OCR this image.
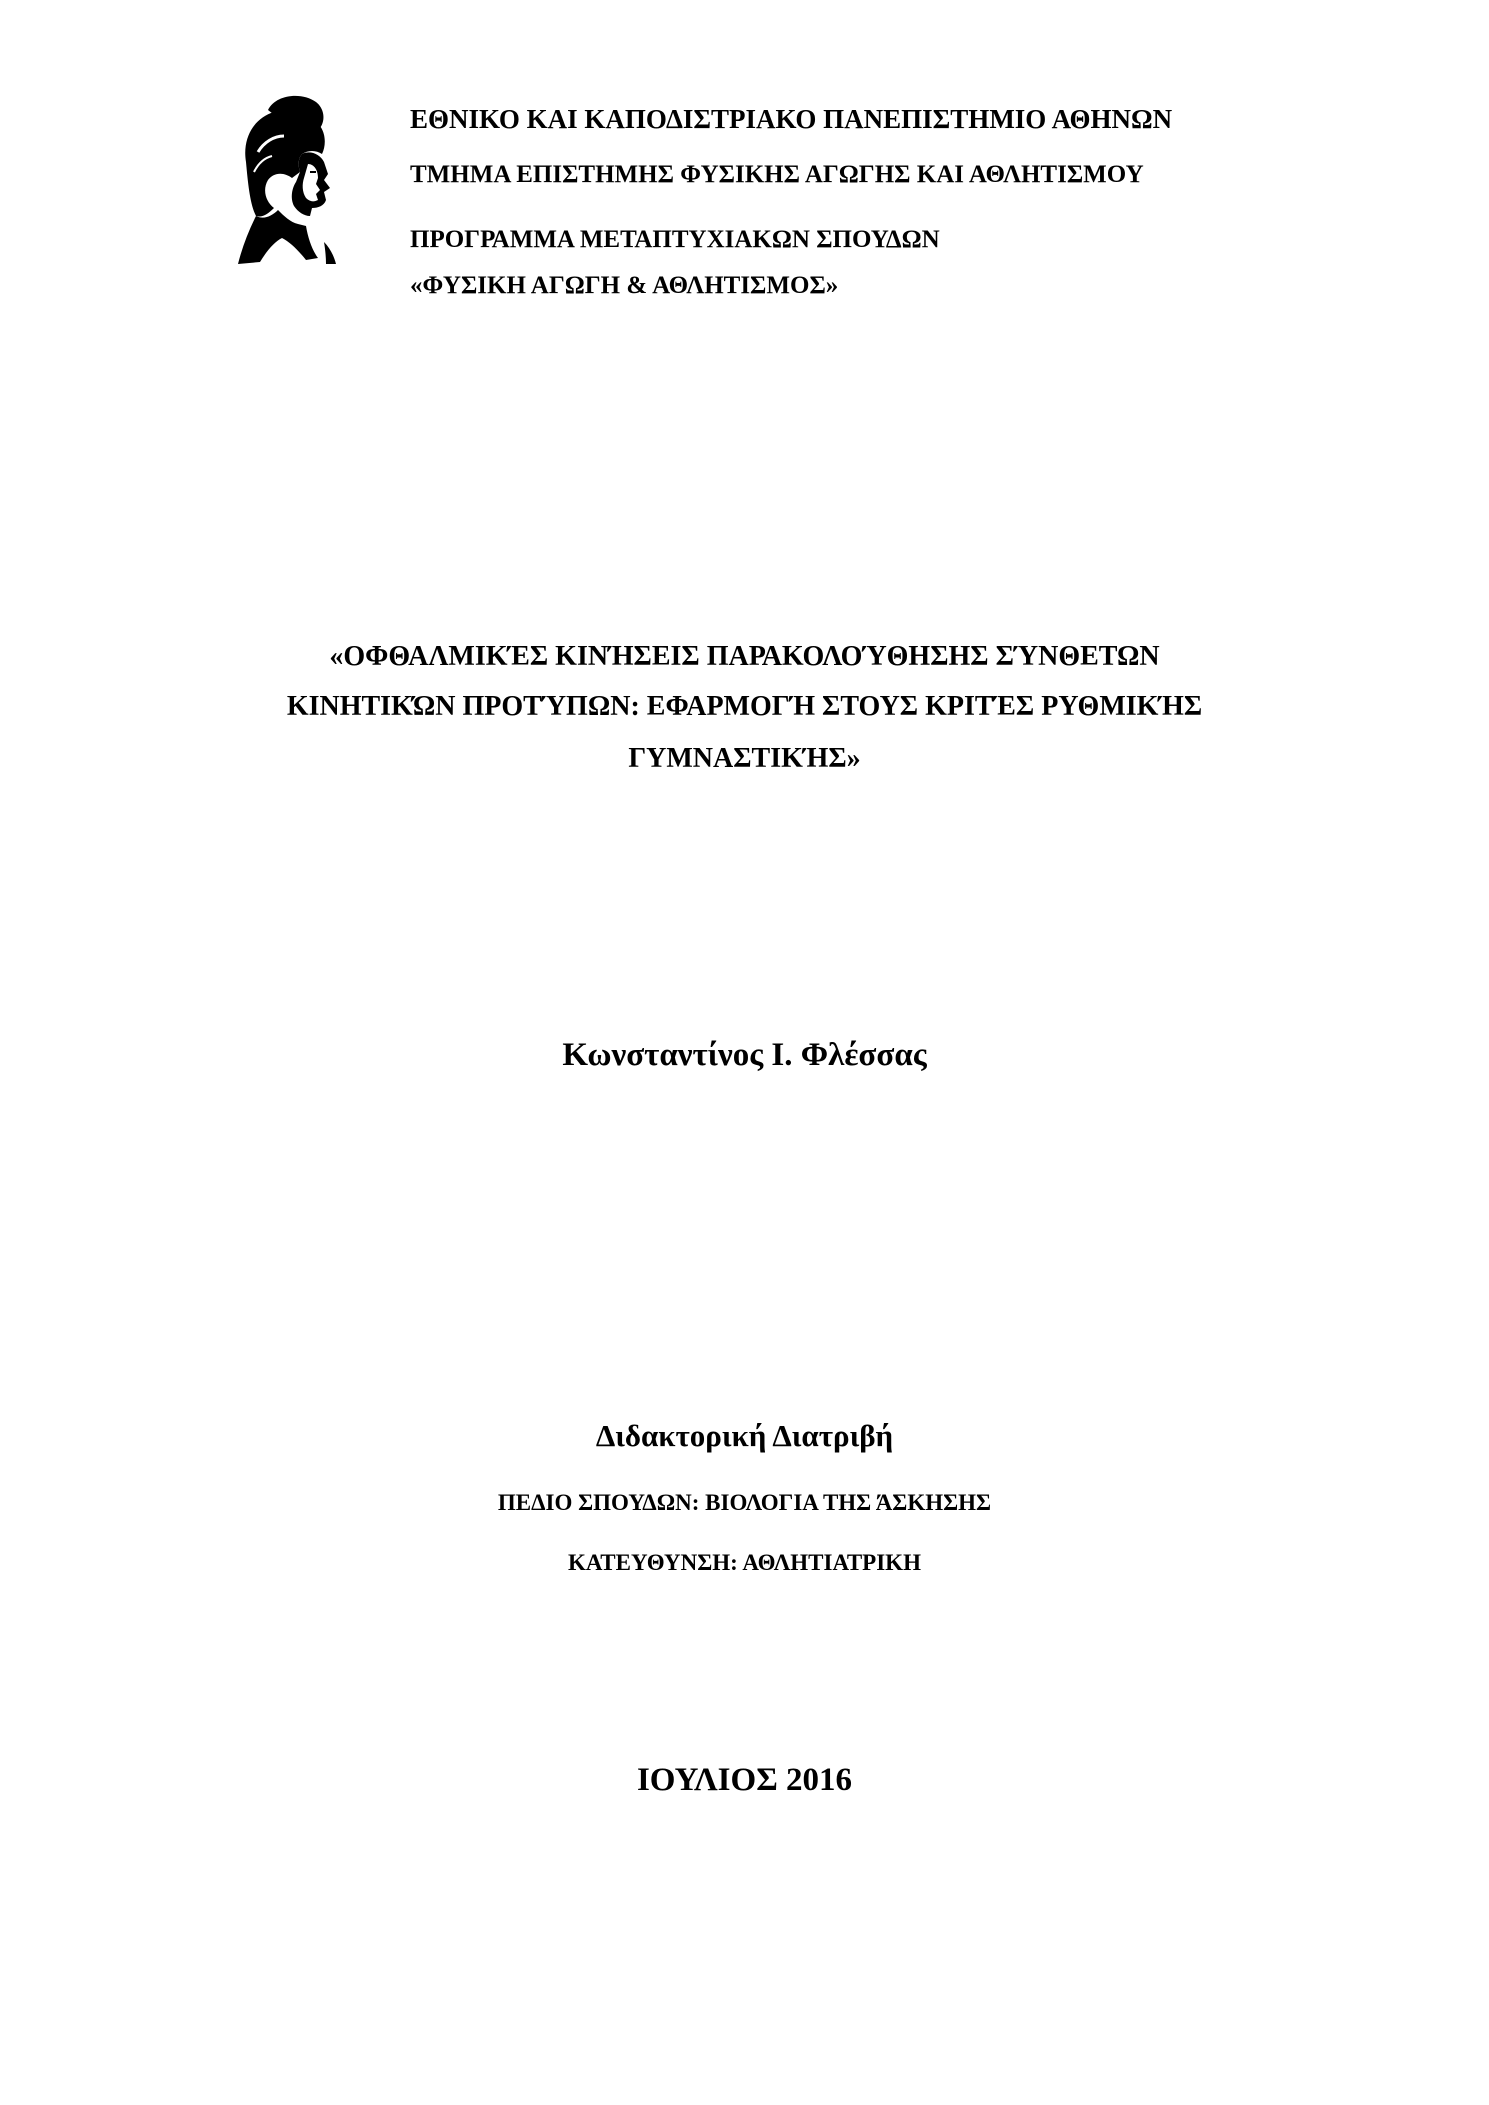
ΕΘΝΙΚΟ ΚΑΙ ΚΑΠΟΔΙΣΤΡΙΑΚΟ ΠΑΝΕΠΙΣΤΗΜΙΟ ΑΘΗΝΩΝ
ΤΜΗΜΑ ΕΠΙΣΤΗΜΗΣ ΦΥΣΙΚΗΣ ΑΓΩΓΗΣ ΚΑΙ ΑΘΛΗΤΙΣΜΟΥ
ΠΡΟΓΡΑΜΜΑ ΜΕΤΑΠΤΥΧΙΑΚΩΝ ΣΠΟΥΔΩΝ
«ΦΥΣΙΚΗ ΑΓΩΓΗ & ΑΘΛΗΤΙΣΜΟΣ»
«ΟΦΘΑΛΜΙΚΈΣ ΚΙΝΉΣΕΙΣ ΠΑΡΑΚΟΛΟΎΘΗΣΗΣ ΣΎΝΘΕΤΩΝ
ΚΙΝΗΤΙΚΏΝ ΠΡΟΤΎΠΩΝ: ΕΦΑΡΜΟΓΉ ΣΤΟΥΣ ΚΡΙΤΈΣ ΡΥΘΜΙΚΉΣ
ΓΥΜΝΑΣΤΙΚΉΣ»
Κωνσταντίνος Ι. Φλέσσας
Διδακτορική Διατριβή
ΠΕΔΙΟ ΣΠΟΥΔΩΝ: ΒΙΟΛΟΓΙΑ ΤΗΣ ΆΣΚΗΣΗΣ
ΚΑΤΕΥΘΥΝΣΗ: ΑΘΛΗΤΙΑΤΡΙΚΗ
ΙΟΥΛΙΟΣ 2016
